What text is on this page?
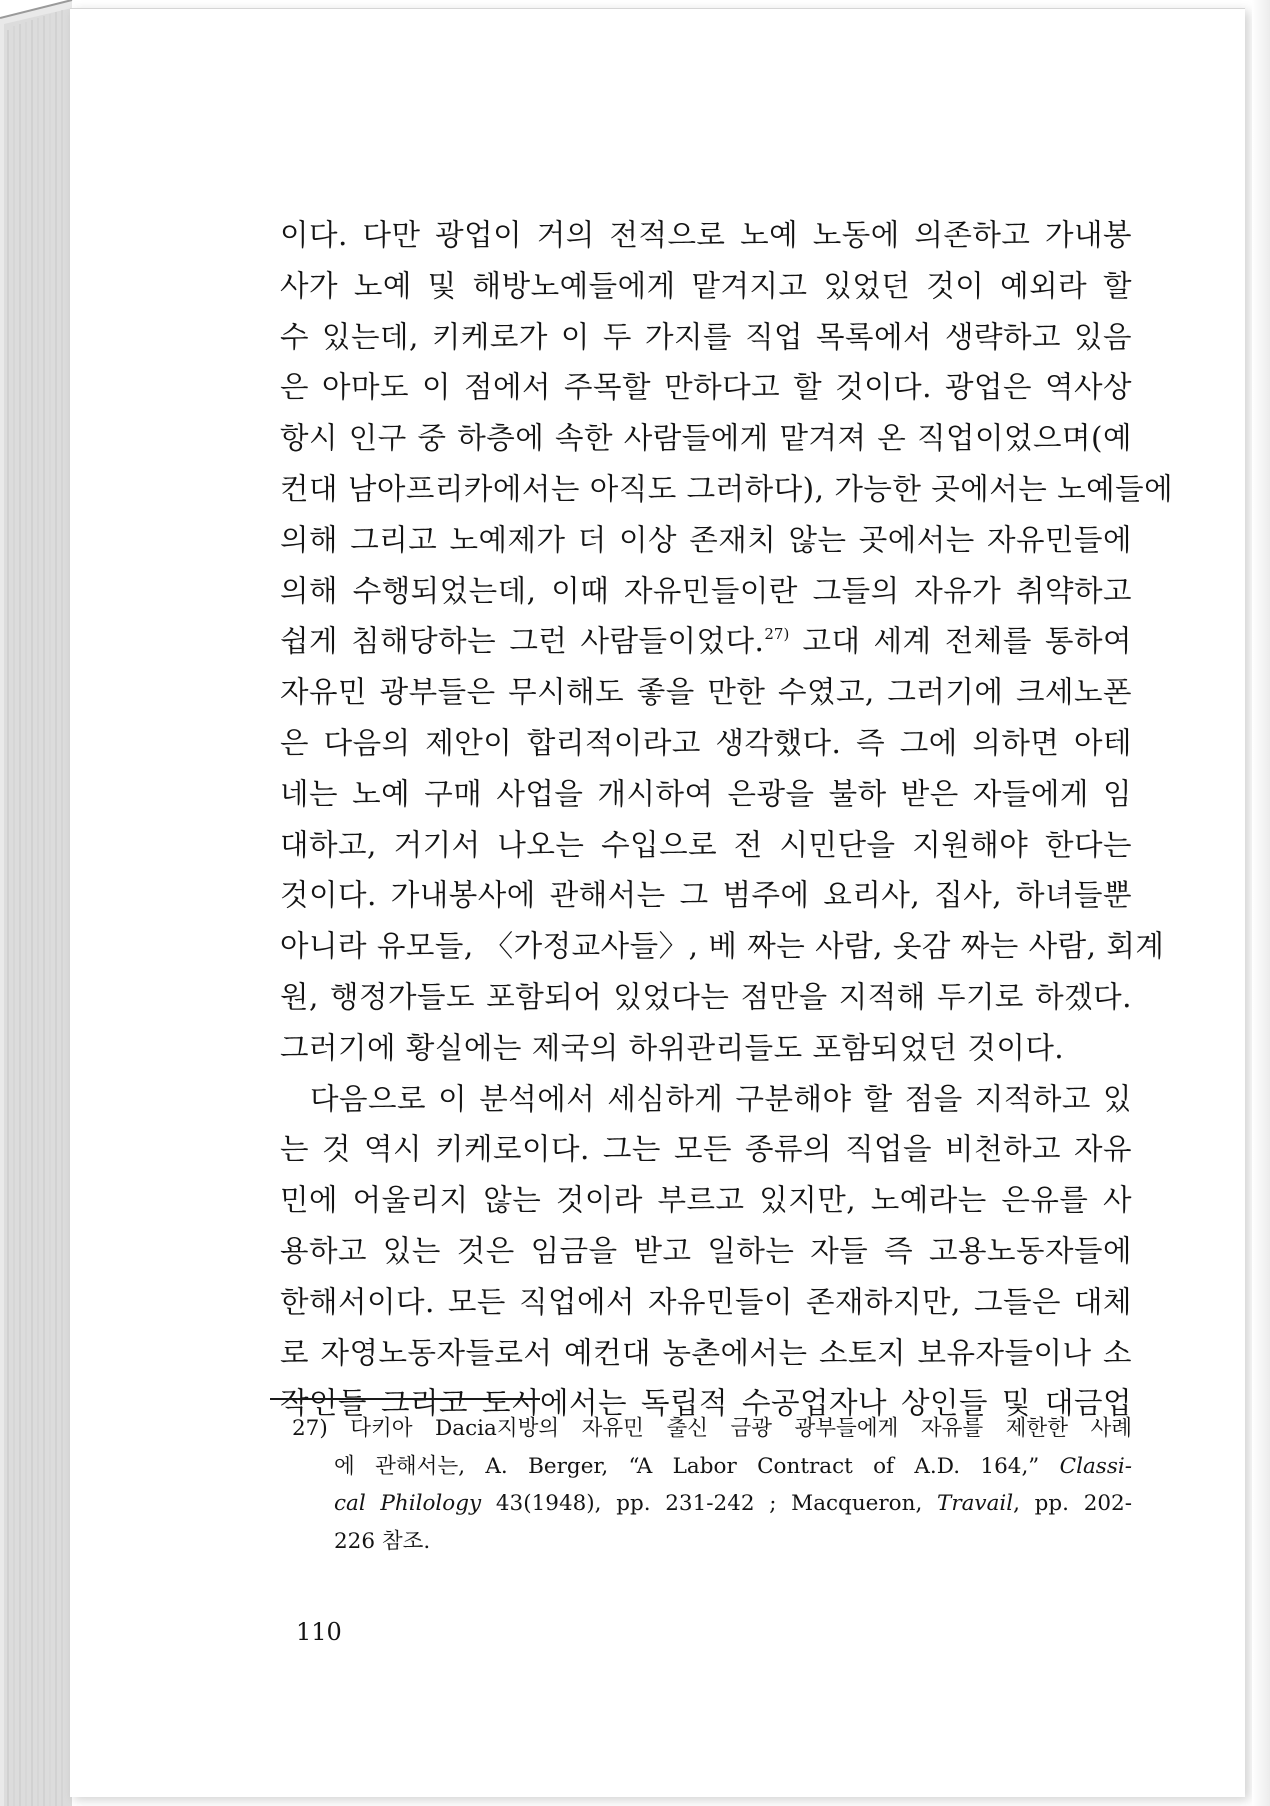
이다. 다만 광업이 거의 전적으로 노예 노동에 의존하고 가내봉
사가 노예 및 해방노예들에게 맡겨지고 있었던 것이 예외라 할
수 있는데, 키케로가 이 두 가지를 직업 목록에서 생략하고 있음
은 아마도 이 점에서 주목할 만하다고 할 것이다. 광업은 역사상
항시 인구 중 하층에 속한 사람들에게 맡겨져 온 직업이었으며(예
컨대 남아프리카에서는 아직도 그러하다), 가능한 곳에서는 노예들에
의해 그리고 노예제가 더 이상 존재치 않는 곳에서는 자유민들에
의해 수행되었는데, 이때 자유민들이란 그들의 자유가 취약하고
쉽게 침해당하는 그런 사람들이었다.$^{27)}$ 고대 세계 전체를 통하여
자유민 광부들은 무시해도 좋을 만한 수였고, 그러기에 크세노폰
은 다음의 제안이 합리적이라고 생각했다. 즉 그에 의하면 아테
네는 노예 구매 사업을 개시하여 은광을 불하 받은 자들에게 임
대하고, 거기서 나오는 수입으로 전 시민단을 지원해야 한다는
것이다. 가내봉사에 관해서는 그 범주에 요리사, 집사, 하녀들뿐
아니라 유모들, 〈가정교사들〉, 베 짜는 사람, 옷감 짜는 사람, 회계
원, 행정가들도 포함되어 있었다는 점만을 지적해 두기로 하겠다.
그러기에 황실에는 제국의 하위관리들도 포함되었던 것이다.

다음으로 이 분석에서 세심하게 구분해야 할 점을 지적하고 있
는 것 역시 키케로이다. 그는 모든 종류의 직업을 비천하고 자유
민에 어울리지 않는 것이라 부르고 있지만, 노예라는 은유를 사
용하고 있는 것은 임금을 받고 일하는 자들 즉 고용노동자들에
한해서이다. 모든 직업에서 자유민들이 존재하지만, 그들은 대체
로 자영노동자들로서 예컨대 농촌에서는 소토지 보유자들이나 소
작인들 그리고 도시에서는 독립적 수공업자나 상인들 및 대금업

27) 다키아 Dacia지방의 자유민 출신 금광 광부들에게 자유를 제한한 사례
에 관해서는, A. Berger, “A Labor Contract of A.D. 164,” Classi-
cal Philology 43(1948), pp. 231-242 ; Macqueron, Travail, pp. 202-
226 참조.
110
